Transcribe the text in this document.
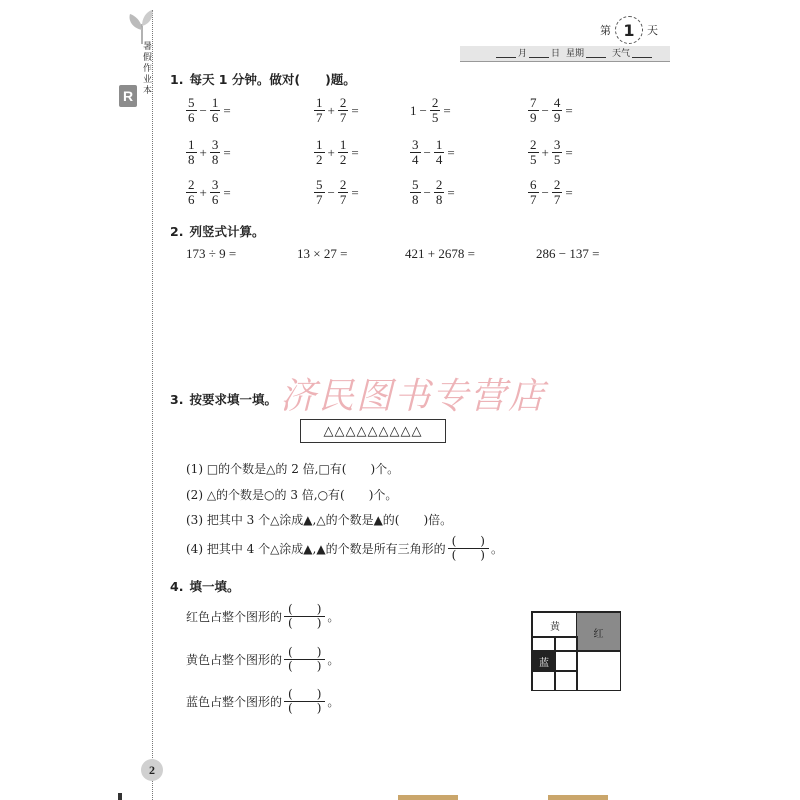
暑
假
作
业
本
R
第 1	天
月	日 星期	天气
1. 每天 1 分钟。做对(　　)题。
$\frac{5}{6} - \frac{1}{6}$ =	$\frac{1}{7} + \frac{2}{7}$ =	$1 - \frac{2}{5}$ =	$\frac{7}{9} - \frac{4}{9}$ =
$\frac{1}{8} + \frac{3}{8}$ =	$\frac{1}{2} + \frac{1}{2}$ =	$\frac{3}{4} - \frac{1}{4}$ =	$\frac{2}{5} + \frac{3}{5}$ =
$\frac{2}{6} + \frac{3}{6}$ =	$\frac{5}{7} - \frac{2}{7}$ =	$\frac{5}{8} - \frac{2}{8}$ =	$\frac{6}{7} - \frac{2}{7}$ =
2. 列竖式计算。
173 ÷ 9 =	13 × 27 =	421 + 2678 =	286 − 137 =
济民图书专营店
3. 按要求填一填。
△△△△△△△△△
(1) □的个数是△的 2 倍,□有(　　)个。
(2) △的个数是○的 3 倍,○有(　　)个。
(3) 把其中 3 个△涂成▲,△的个数是▲的(　　)倍。
(4) 把其中 4 个△涂成▲,▲的个数是所有三角形的 $\frac{( )}{( )}$ 。
4. 填一填。
红色占整个图形的 $\frac{( )}{( )}$ 。
黄色占整个图形的 $\frac{( )}{( )}$ 。
蓝色占整个图形的 $\frac{( )}{( )}$ 。
黄
红
蓝
2
